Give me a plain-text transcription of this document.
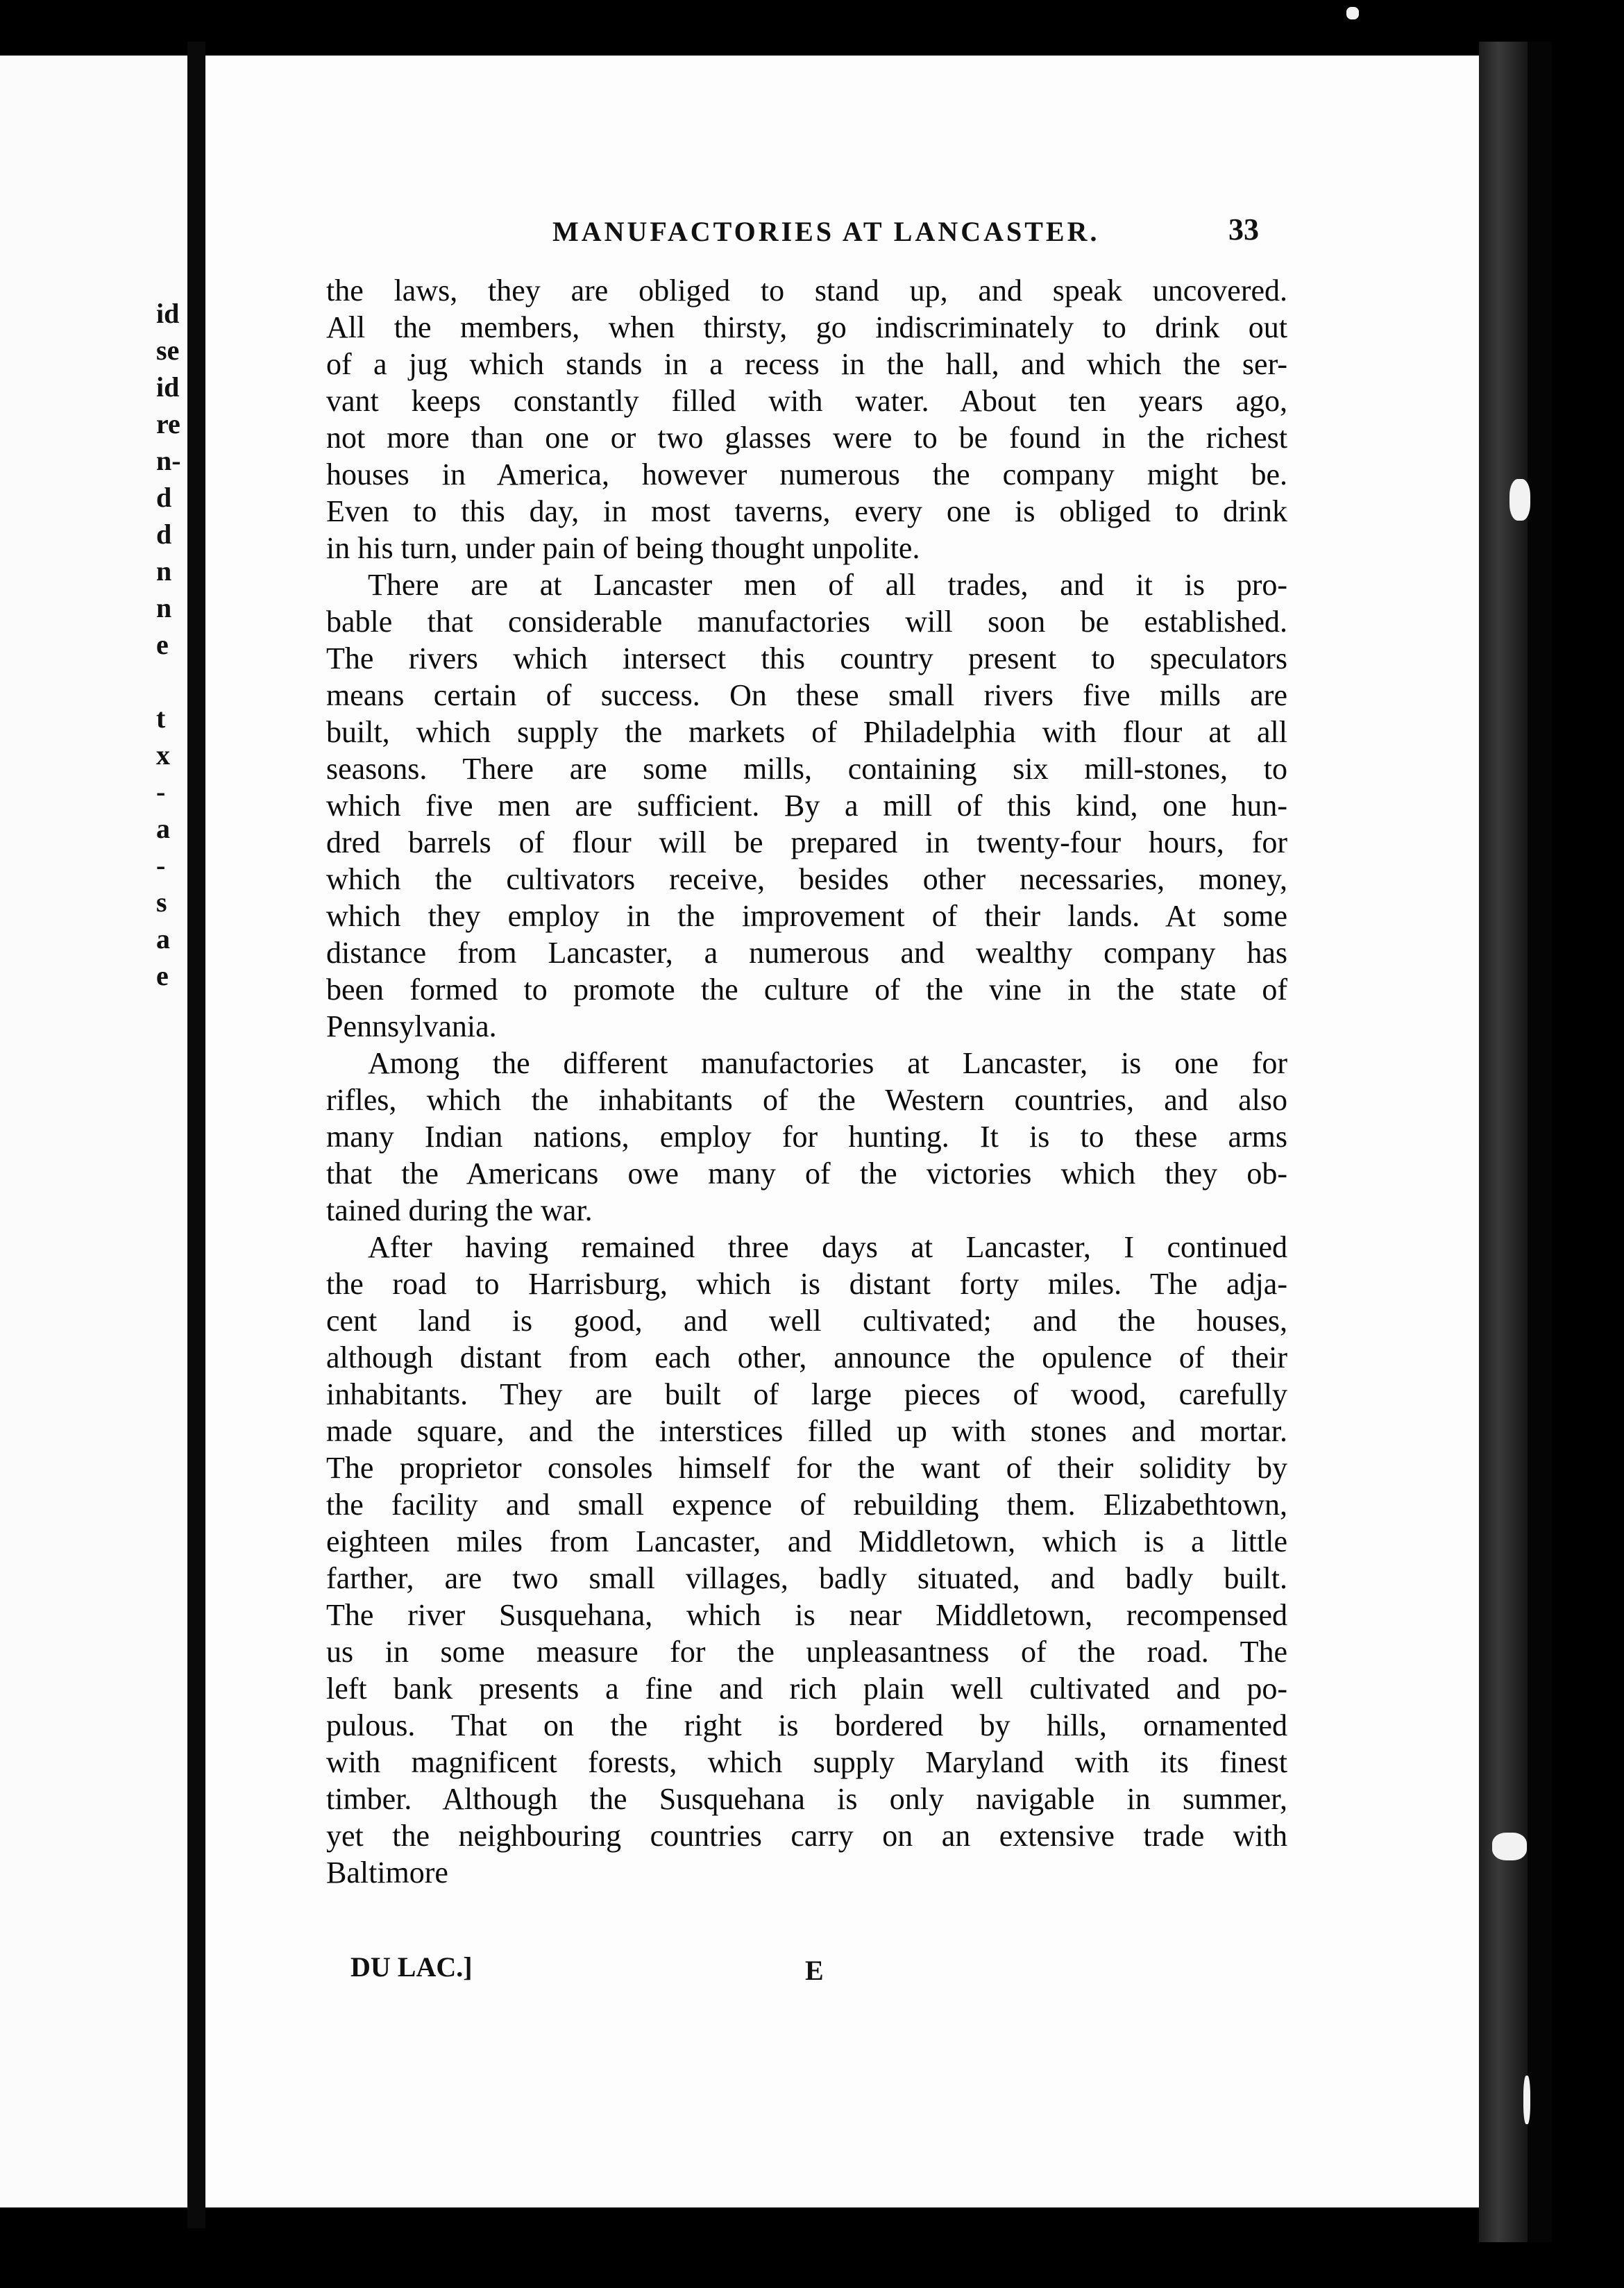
id
se
id
re
n-
d
d
n
n
e
t
x
-
a
-
s
a
e
MANUFACTORIES AT LANCASTER.	33
the laws, they are obliged to stand up, and speak uncovered.
All the members, when thirsty, go indiscriminately to drink out
of a jug which stands in a recess in the hall, and which the ser-
vant keeps constantly filled with water. About ten years ago,
not more than one or two glasses were to be found in the richest
houses in America, however numerous the company might be.
Even to this day, in most taverns, every one is obliged to drink
in his turn, under pain of being thought unpolite.
There are at Lancaster men of all trades, and it is pro-
bable that considerable manufactories will soon be established.
The rivers which intersect this country present to speculators
means certain of success. On these small rivers five mills are
built, which supply the markets of Philadelphia with flour at all
seasons. There are some mills, containing six mill-stones, to
which five men are sufficient. By a mill of this kind, one hun-
dred barrels of flour will be prepared in twenty-four hours, for
which the cultivators receive, besides other necessaries, money,
which they employ in the improvement of their lands. At some
distance from Lancaster, a numerous and wealthy company has
been formed to promote the culture of the vine in the state of
Pennsylvania.
Among the different manufactories at Lancaster, is one for
rifles, which the inhabitants of the Western countries, and also
many Indian nations, employ for hunting. It is to these arms
that the Americans owe many of the victories which they ob-
tained during the war.
After having remained three days at Lancaster, I continued
the road to Harrisburg, which is distant forty miles. The adja-
cent land is good, and well cultivated; and the houses,
although distant from each other, announce the opulence of their
inhabitants. They are built of large pieces of wood, carefully
made square, and the interstices filled up with stones and mortar.
The proprietor consoles himself for the want of their solidity by
the facility and small expence of rebuilding them. Elizabethtown,
eighteen miles from Lancaster, and Middletown, which is a little
farther, are two small villages, badly situated, and badly built.
The river Susquehana, which is near Middletown, recompensed
us in some measure for the unpleasantness of the road. The
left bank presents a fine and rich plain well cultivated and po-
pulous. That on the right is bordered by hills, ornamented
with magnificent forests, which supply Maryland with its finest
timber. Although the Susquehana is only navigable in summer,
yet the neighbouring countries carry on an extensive trade with
Baltimore
DU LAC.]	E
